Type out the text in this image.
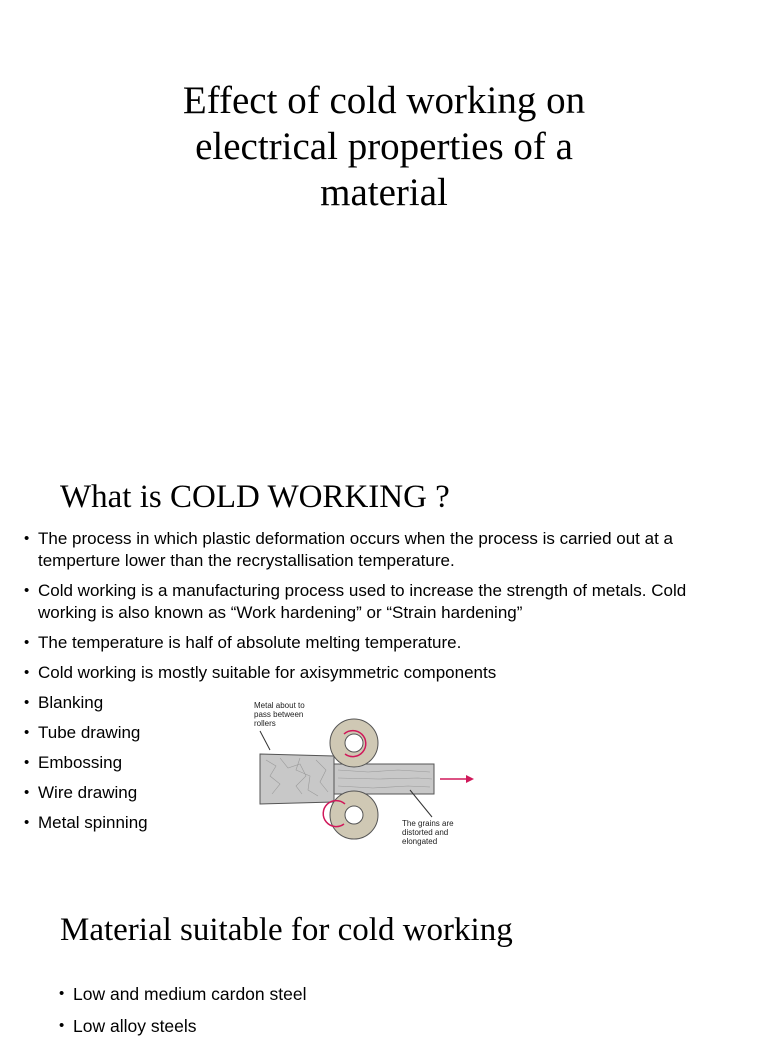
Effect of cold working on
electrical properties of a
material
What is COLD WORKING ?
• The process in which plastic deformation occurs when the process is carried out at a temperture lower than the recrystallisation temperature.
• Cold working is a manufacturing process used to increase the strength of metals. Cold working is also known as “Work hardening” or “Strain hardening”
• The temperature is half of absolute melting temperature.
• Cold working is mostly suitable for axisymmetric components
• Blanking
• Tube drawing
• Embossing
• Wire drawing
• Metal spinning
Metal about to
pass between
rollers
The grains are
distorted and
elongated
Material suitable for cold working
• Low and medium cardon steel
• Low alloy steels
